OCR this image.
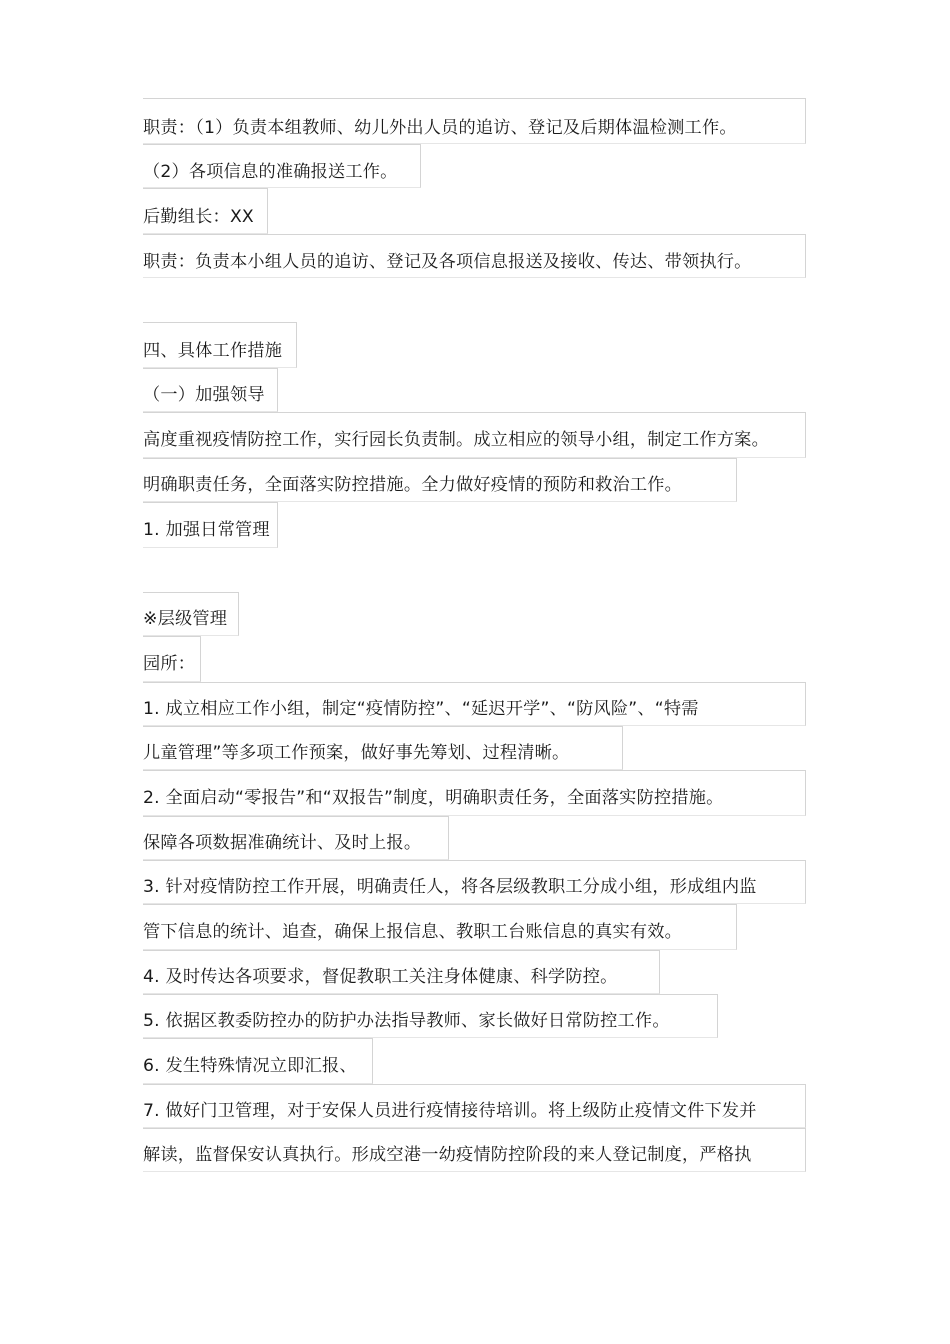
职责：（1）负责本组教师、幼儿外出人员的追访、登记及后期体温检测工作。
（2）各项信息的准确报送工作。
后勤组长：XX
职责：负责本小组人员的追访、登记及各项信息报送及接收、传达、带领执行。
四、具体工作措施
（一）加强领导
高度重视疫情防控工作，实行园长负责制。成立相应的领导小组，制定工作方案。
明确职责任务，全面落实防控措施。全力做好疫情的预防和救治工作。
1. 加强日常管理
※层级管理
园所：
1. 成立相应工作小组，制定“疫情防控”、“延迟开学”、“防风险”、“特需
儿童管理”等多项工作预案，做好事先筹划、过程清晰。
2. 全面启动“零报告”和“双报告”制度，明确职责任务，全面落实防控措施。
保障各项数据准确统计、及时上报。
3. 针对疫情防控工作开展，明确责任人，将各层级教职工分成小组，形成组内监
管下信息的统计、追查，确保上报信息、教职工台账信息的真实有效。
4. 及时传达各项要求，督促教职工关注身体健康、科学防控。
5. 依据区教委防控办的防护办法指导教师、家长做好日常防控工作。
6. 发生特殊情况立即汇报、
7. 做好门卫管理，对于安保人员进行疫情接待培训。将上级防止疫情文件下发并
解读，监督保安认真执行。形成空港一幼疫情防控阶段的来人登记制度，严格执
